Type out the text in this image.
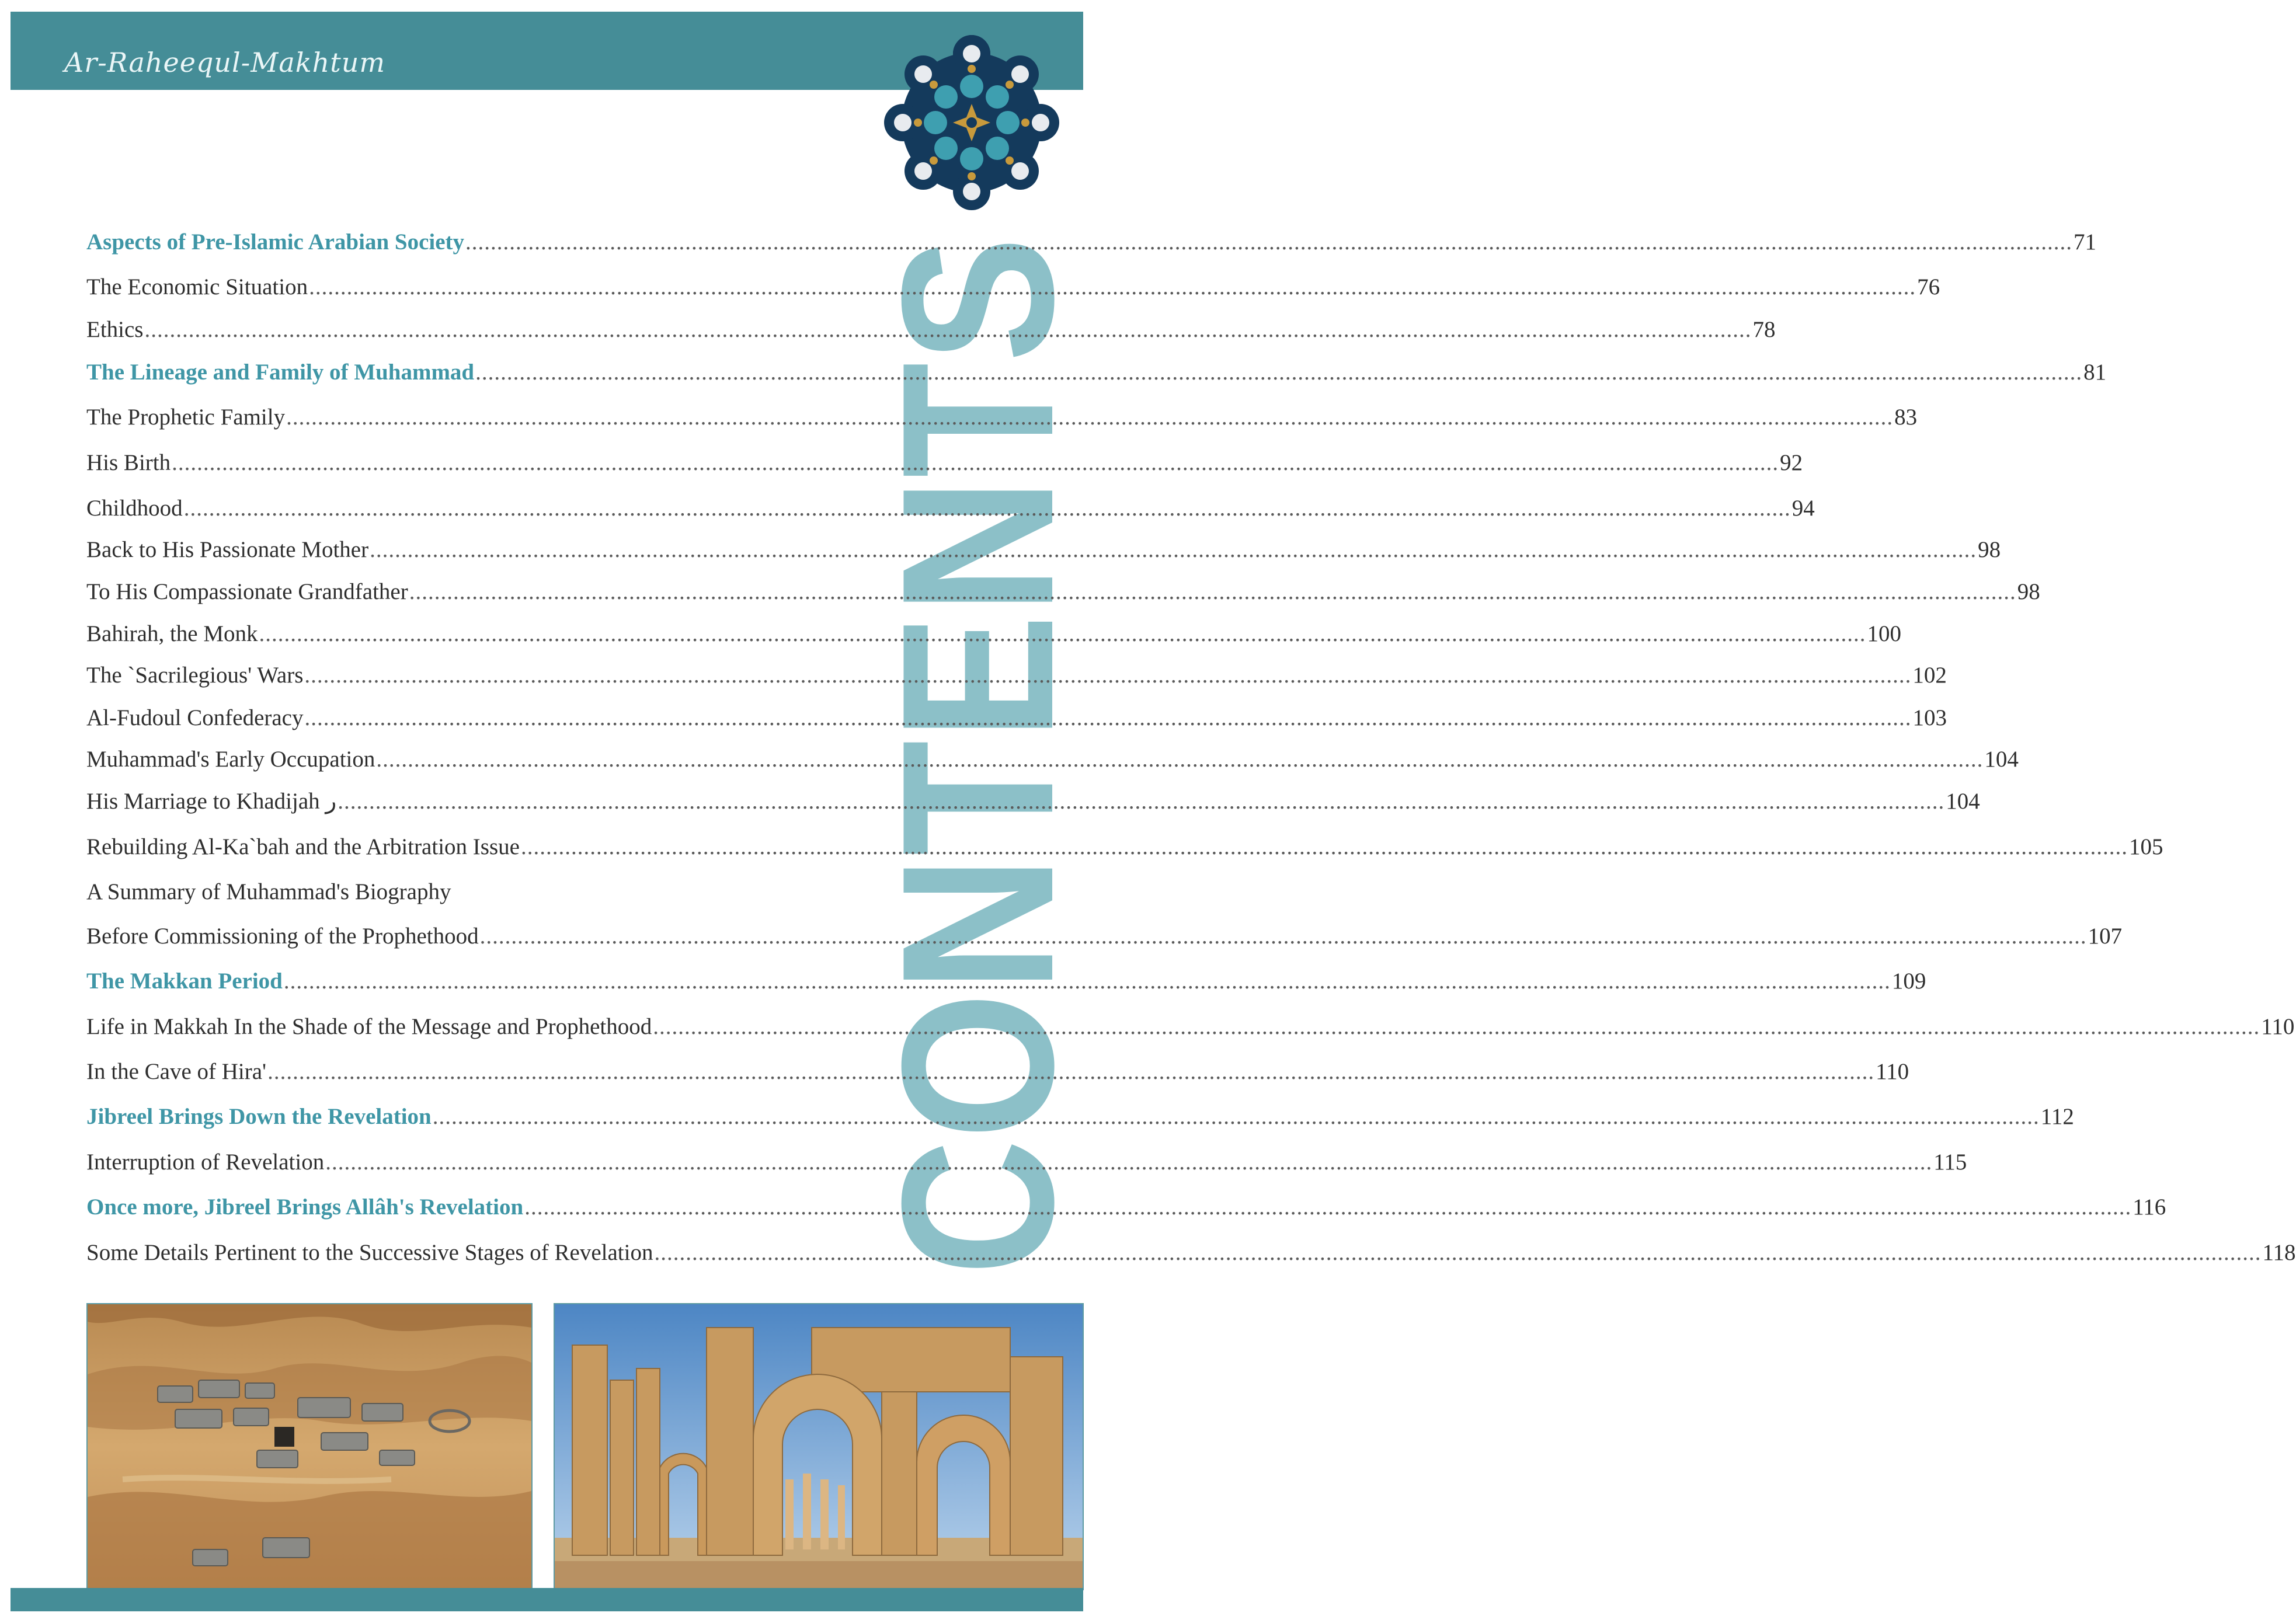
Ar-Raheequl-Makhtum
CONTENTS
Aspects of Pre-Islamic Arabian Society .....	71
The Economic Situation .....	76
Ethics .....	78
The Lineage and Family of Muhammad .....	81
The Prophetic Family .....	83
His Birth .....	92
Childhood .....	94
Back to His Passionate Mother .....	98
To His Compassionate Grandfather .....	98
Bahirah, the Monk .....	100
The `Sacrilegious' Wars .....	102
Al-Fudoul Confederacy .....	103
Muhammad's Early Occupation .....	104
His Marriage to Khadijah ر .....	104
Rebuilding Al-Ka`bah and the Arbitration Issue .....	105
A Summary of Muhammad's Biography
Before Commissioning of the Prophethood .....	107
The Makkan Period .....	109
Life in Makkah In the Shade of the Message and Prophethood .....	110
In the Cave of Hira' .....	110
Jibreel Brings Down the Revelation .....	112
Interruption of Revelation .....	115
Once more, Jibreel Brings Allâh's Revelation .....	116
Some Details Pertinent to the Successive Stages of Revelation .....	118
